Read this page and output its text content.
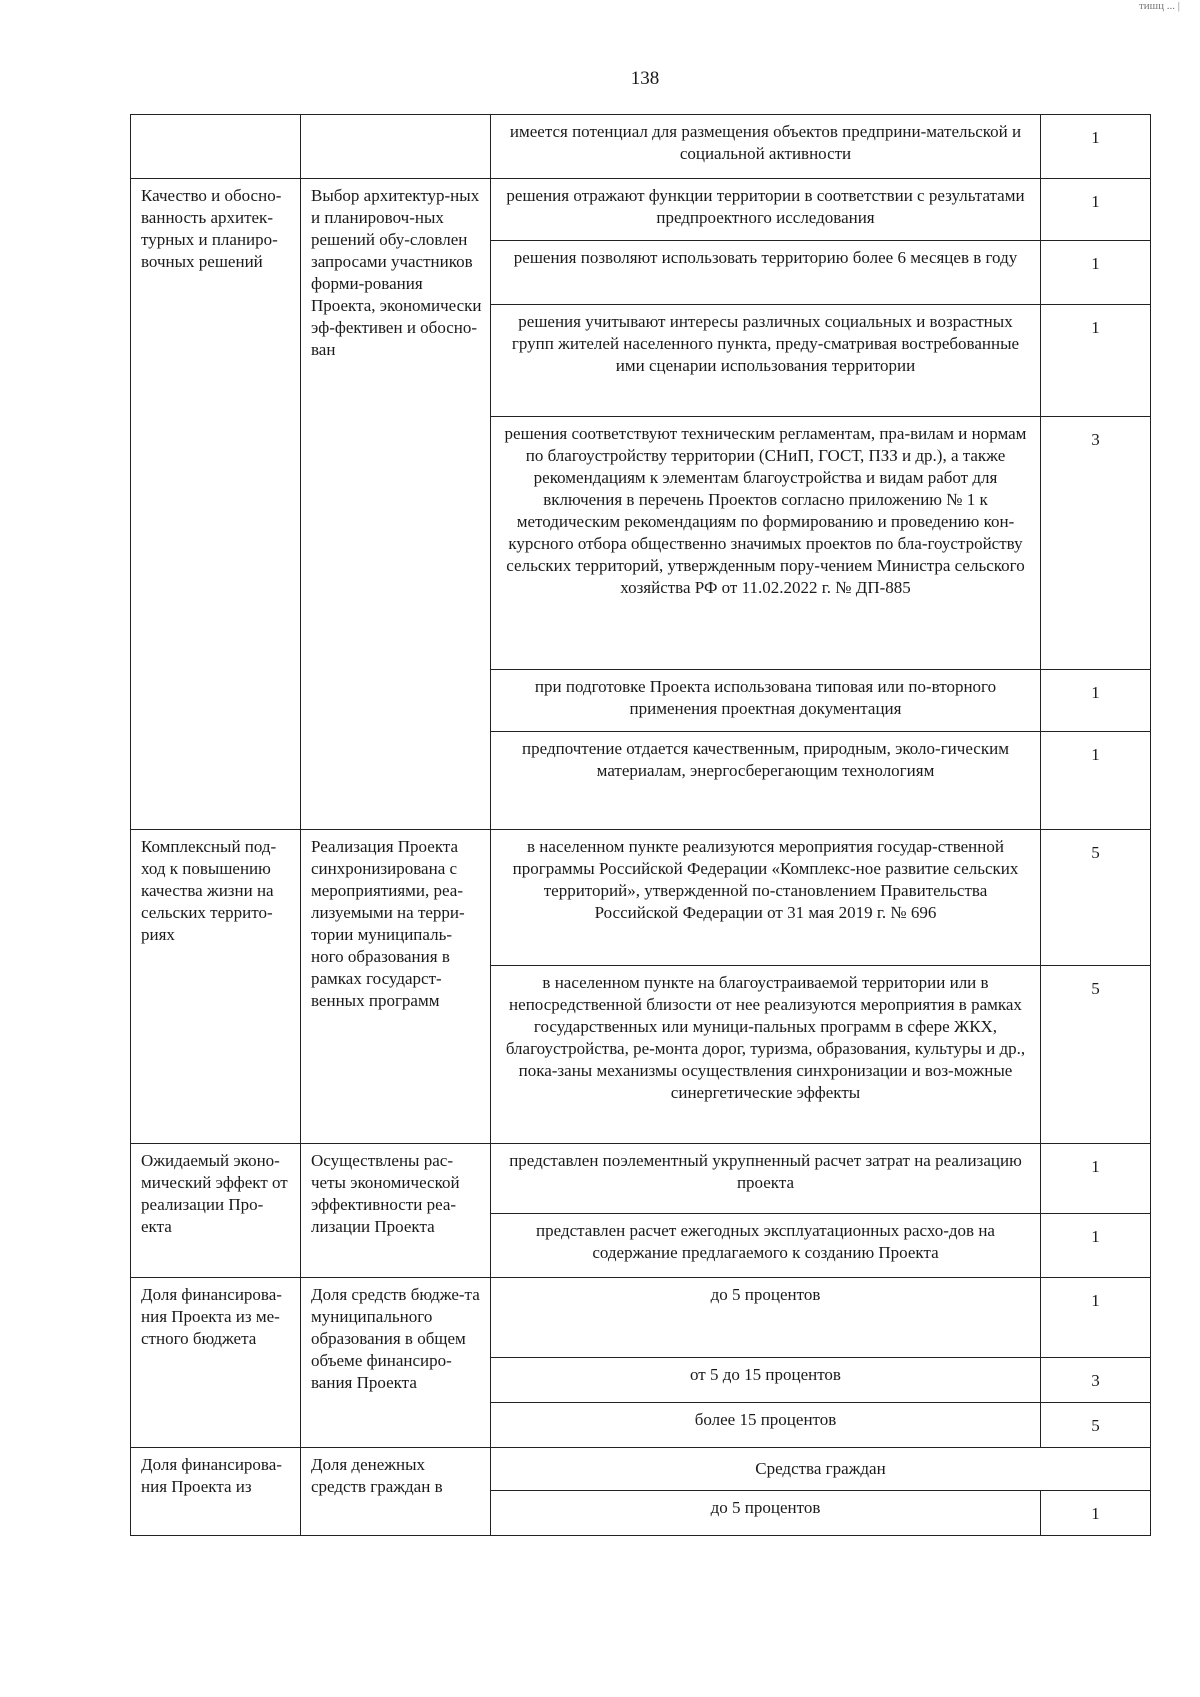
тишц ... |
138
		имеется потенциал для размещения объектов предприни-мательской и социальной активности	1
Качество и обосно-ванность архитек-турных и планиро-вочных решений	Выбор архитектур-ных и планировоч-ных решений обу-словлен запросами участников форми-рования Проекта, экономически эф-фективен и обосно-ван	решения отражают функции территории в соответствии с результатами предпроектного исследования	1
		решения позволяют использовать территорию более 6 месяцев в году	1
		решения учитывают интересы различных социальных и возрастных групп жителей населенного пункта, преду-сматривая востребованные ими сценарии использования территории	1
		решения соответствуют техническим регламентам, пра-вилам и нормам по благоустройству территории (СНиП, ГОСТ, ПЗЗ и др.), а также рекомендациям к элементам благоустройства и видам работ для включения в перечень Проектов согласно приложению № 1 к методическим рекомендациям по формированию и проведению кон-курсного отбора общественно значимых проектов по бла-гоустройству сельских территорий, утвержденным пору-чением Министра сельского хозяйства РФ от 11.02.2022 г. № ДП-885	3
		при подготовке Проекта использована типовая или по-вторного применения проектная документация	1
		предпочтение отдается качественным, природным, эколо-гическим материалам, энергосберегающим технологиям	1
Комплексный под-ход к повышению качества жизни на сельских террито-риях	Реализация Проекта синхронизирована с мероприятиями, реа-лизуемыми на терри-тории муниципаль-ного образования в рамках государст-венных программ	в населенном пункте реализуются мероприятия государ-ственной программы Российской Федерации «Комплекс-ное развитие сельских территорий», утвержденной по-становлением Правительства Российской Федерации от 31 мая 2019 г. № 696	5
		в населенном пункте на благоустраиваемой территории или в непосредственной близости от нее реализуются мероприятия в рамках государственных или муници-пальных программ в сфере ЖКХ, благоустройства, ре-монта дорог, туризма, образования, культуры и др., пока-заны механизмы осуществления синхронизации и воз-можные синергетические эффекты	5
Ожидаемый эконо-мический эффект от реализации Про-екта	Осуществлены рас-четы экономической эффективности реа-лизации Проекта	представлен поэлементный укрупненный расчет затрат на реализацию проекта	1
		представлен расчет ежегодных эксплуатационных расхо-дов на содержание предлагаемого к созданию Проекта	1
Доля финансирова-ния Проекта из ме-стного бюджета	Доля средств бюдже-та муниципального образования в общем объеме финансиро-вания Проекта	до 5 процентов	1
		от 5 до 15 процентов	3
		более 15 процентов	5
Доля финансирова-ния Проекта из	Доля денежных средств граждан в	Средства граждан	
		до 5 процентов	1
